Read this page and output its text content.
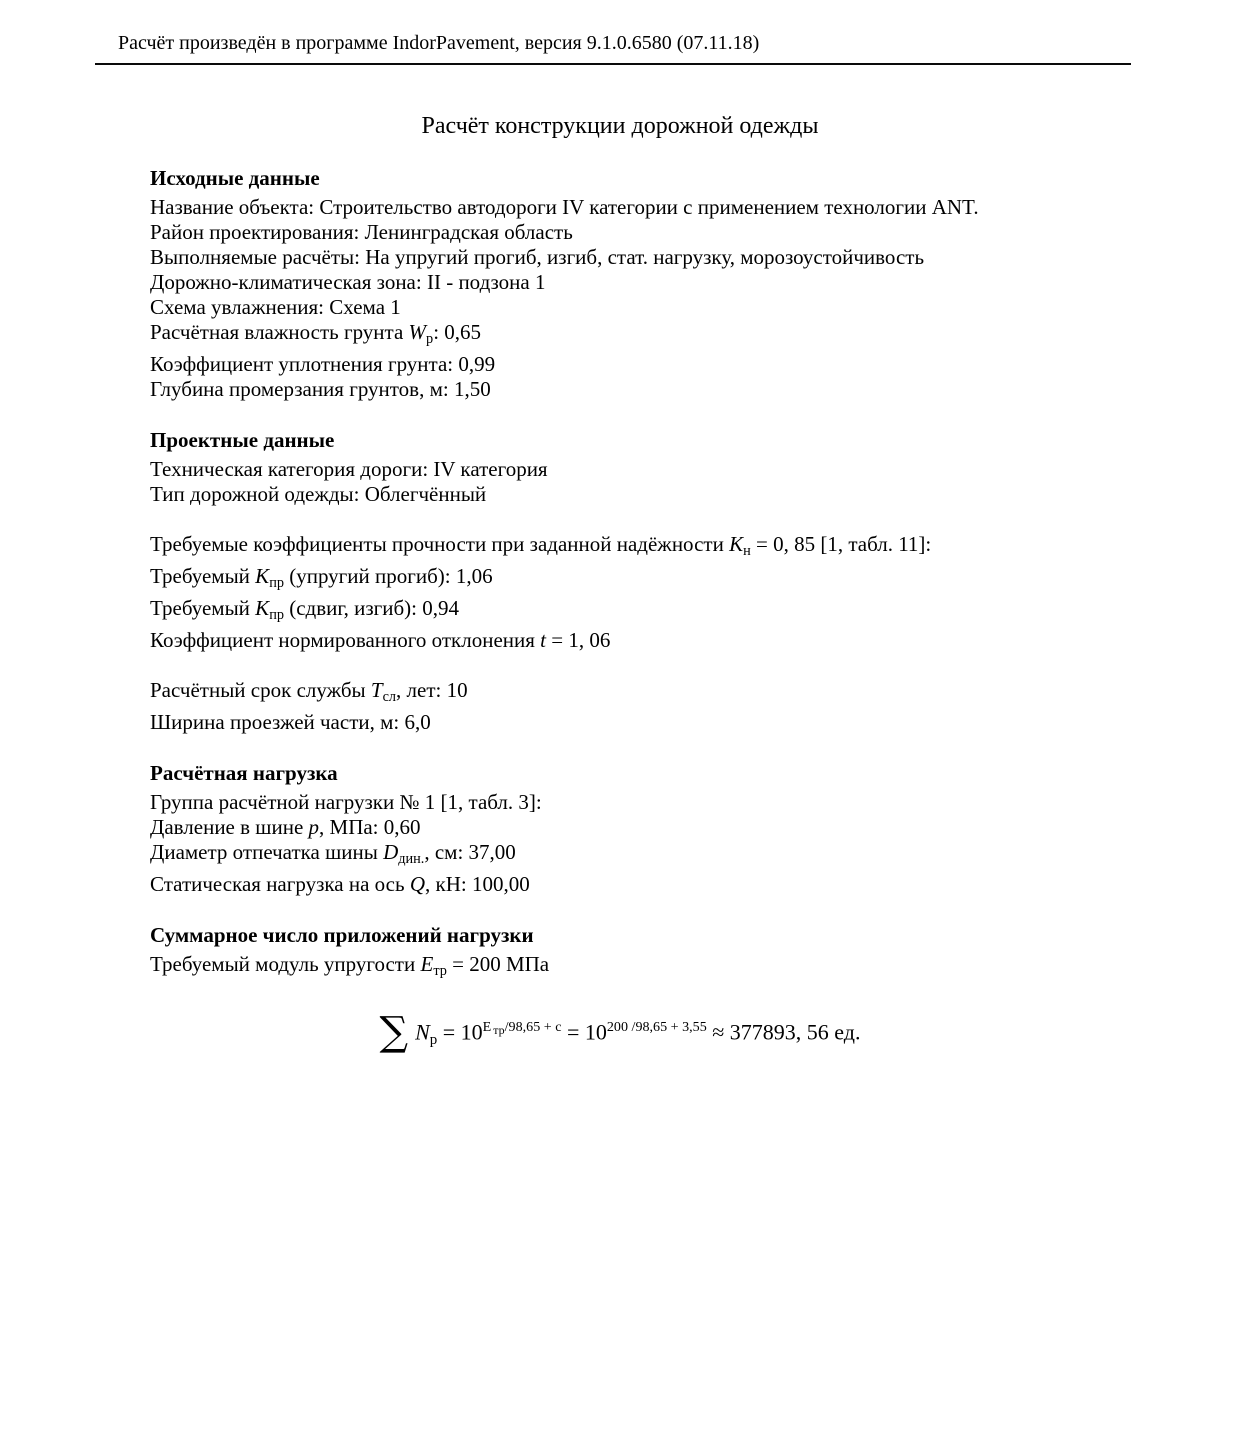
Расчёт произведён в программе IndorPavement, версия 9.1.0.6580 (07.11.18)
Расчёт конструкции дорожной одежды
Исходные данные
Название объекта: Строительство автодороги IV категории с применением технологии ANT.
Район проектирования: Ленинградская область
Выполняемые расчёты: На упругий прогиб, изгиб, стат. нагрузку, морозоустойчивость
Дорожно-климатическая зона: II - подзона 1
Схема увлажнения: Схема 1
Расчётная влажность грунта Wр: 0,65
Коэффициент уплотнения грунта: 0,99
Глубина промерзания грунтов, м: 1,50
Проектные данные
Техническая категория дороги: IV категория
Тип дорожной одежды: Облегчённый
Требуемые коэффициенты прочности при заданной надёжности Kн = 0, 85 [1, табл. 11]:
Требуемый Kпр (упругий прогиб): 1,06
Требуемый Kпр (сдвиг, изгиб): 0,94
Коэффициент нормированного отклонения t = 1, 06
Расчётный срок службы Tсл, лет: 10
Ширина проезжей части, м: 6,0
Расчётная нагрузка
Группа расчётной нагрузки № 1 [1, табл. 3]:
Давление в шине p, МПа: 0,60
Диаметр отпечатка шины Dдин., см: 37,00
Статическая нагрузка на ось Q, кН: 100,00
Суммарное число приложений нагрузки
Требуемый модуль упругости Eтр = 200 МПа
∑ Nр = $10^{Е тр/98,65 + с} = 10^{200 /98,65 + 3,55} \approx 377893$, 56 ед.
